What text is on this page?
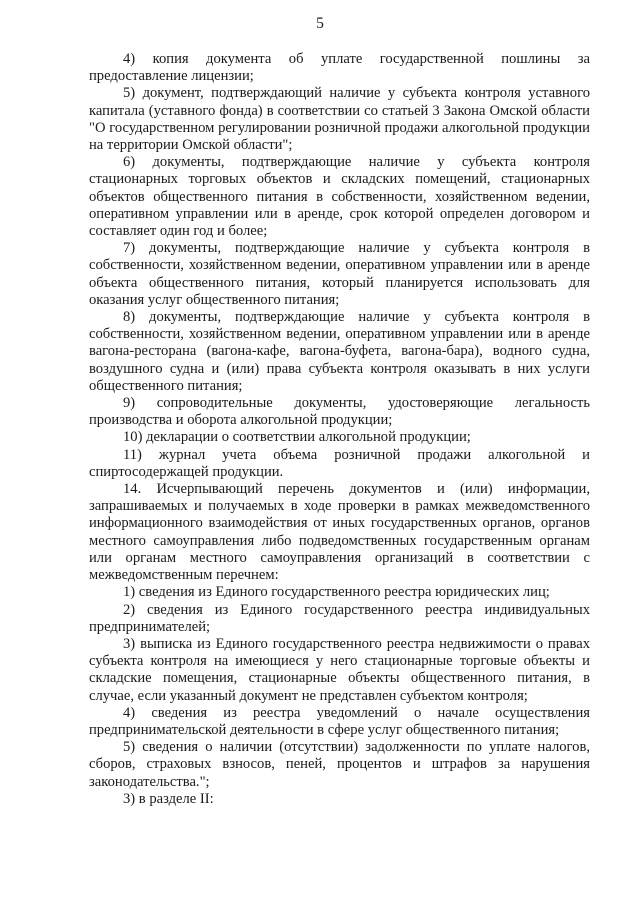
5

4) копия документа об уплате государственной пошлины за предоставление лицензии;

5) документ, подтверждающий наличие у субъекта контроля уставного капитала (уставного фонда) в соответствии со статьей 3 Закона Омской области "О государственном регулировании розничной продажи алкогольной продукции на территории Омской области";

6) документы, подтверждающие наличие у субъекта контроля стационарных торговых объектов и складских помещений, стационарных объектов общественного питания в собственности, хозяйственном ведении, оперативном управлении или в аренде, срок которой определен договором и составляет один год и более;

7) документы, подтверждающие наличие у субъекта контроля в собственности, хозяйственном ведении, оперативном управлении или в аренде объекта общественного питания, который планируется использовать для оказания услуг общественного питания;

8) документы, подтверждающие наличие у субъекта контроля в собственности, хозяйственном ведении, оперативном управлении или в аренде вагона-ресторана (вагона-кафе, вагона-буфета, вагона-бара), водного судна, воздушного судна и (или) права субъекта контроля оказывать в них услуги общественного питания;

9) сопроводительные документы, удостоверяющие легальность производства и оборота алкогольной продукции;

10) декларации о соответствии алкогольной продукции;

11) журнал учета объема розничной продажи алкогольной и спиртосодержащей продукции.

14. Исчерпывающий перечень документов и (или) информации, запрашиваемых и получаемых в ходе проверки в рамках межведомственного информационного взаимодействия от иных государственных органов, органов местного самоуправления либо подведомственных государственным органам или органам местного самоуправления организаций в соответствии с межведомственным перечнем:

1) сведения из Единого государственного реестра юридических лиц;

2) сведения из Единого государственного реестра индивидуальных предпринимателей;

3) выписка из Единого государственного реестра недвижимости о правах субъекта контроля на имеющиеся у него стационарные торговые объекты и складские помещения, стационарные объекты общественного питания, в случае, если указанный документ не представлен субъектом контроля;

4) сведения из реестра уведомлений о начале осуществления предпринимательской деятельности в сфере услуг общественного питания;

5) сведения о наличии (отсутствии) задолженности по уплате налогов, сборов, страховых взносов, пеней, процентов и штрафов за нарушения законодательства.";

3) в разделе II:
